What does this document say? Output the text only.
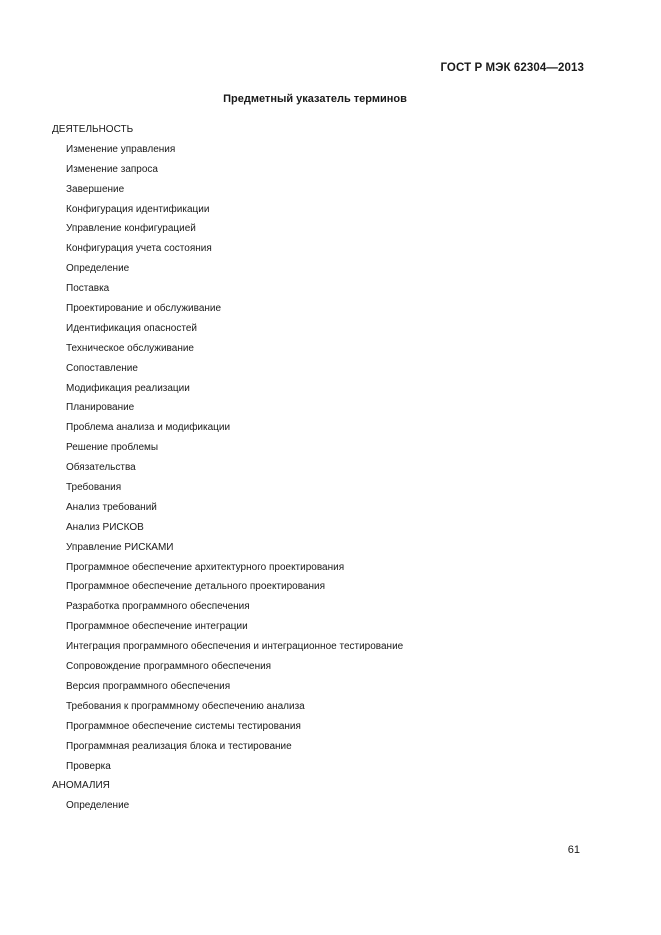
ГОСТ Р МЭК 62304—2013
Предметный указатель терминов
ДЕЯТЕЛЬНОСТЬ
Изменение управления
Изменение запроса
Завершение
Конфигурация идентификации
Управление конфигурацией
Конфигурация учета состояния
Определение
Поставка
Проектирование и обслуживание
Идентификация опасностей
Техническое обслуживание
Сопоставление
Модификация реализации
Планирование
Проблема анализа и модификации
Решение проблемы
Обязательства
Требования
Анализ требований
Анализ РИСКОВ
Управление РИСКАМИ
Программное обеспечение архитектурного проектирования
Программное обеспечение детального проектирования
Разработка программного обеспечения
Программное обеспечение интеграции
Интеграция программного обеспечения и интеграционное тестирование
Сопровождение программного обеспечения
Версия программного обеспечения
Требования к программному обеспечению анализа
Программное обеспечение системы тестирования
Программная реализация блока и тестирование
Проверка
АНОМАЛИЯ
Определение
61
